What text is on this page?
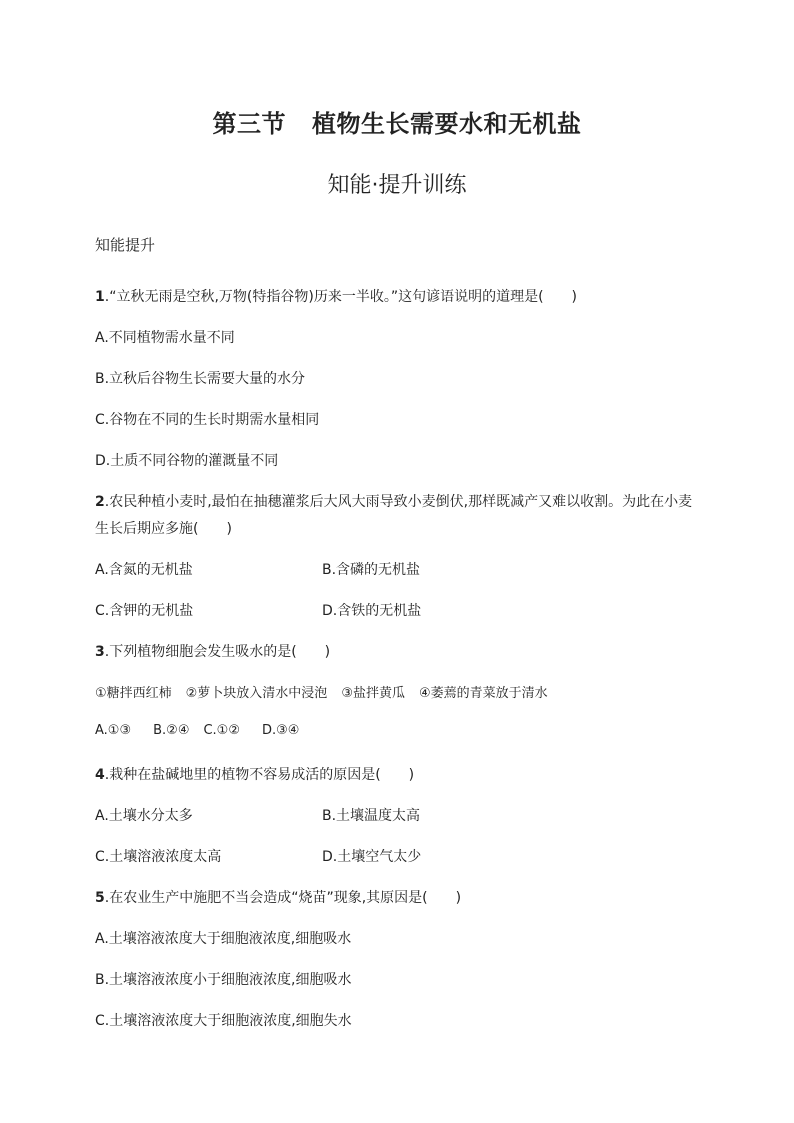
第三节 植物生长需要水和无机盐
知能·提升训练
知能提升
1.“立秋无雨是空秋,万物(特指谷物)历来一半收。”这句谚语说明的道理是(　　)
A.不同植物需水量不同
B.立秋后谷物生长需要大量的水分
C.谷物在不同的生长时期需水量相同
D.土质不同谷物的灌溉量不同
2.农民种植小麦时,最怕在抽穗灌浆后大风大雨导致小麦倒伏,那样既减产又难以收割。为此在小麦
生长后期应多施(　　)
A.含氮的无机盐	B.含磷的无机盐
C.含钾的无机盐	D.含铁的无机盐
3.下列植物细胞会发生吸水的是(　　)
①糖拌西红柿 ②萝卜块放入清水中浸泡 ③盐拌黄瓜 ④萎蔫的青菜放于清水
A.①③ B.②④ C.①② D.③④
4.栽种在盐碱地里的植物不容易成活的原因是(　　)
A.土壤水分太多	B.土壤温度太高
C.土壤溶液浓度太高	D.土壤空气太少
5.在农业生产中施肥不当会造成“烧苗”现象,其原因是(　　)
A.土壤溶液浓度大于细胞液浓度,细胞吸水
B.土壤溶液浓度小于细胞液浓度,细胞吸水
C.土壤溶液浓度大于细胞液浓度,细胞失水
